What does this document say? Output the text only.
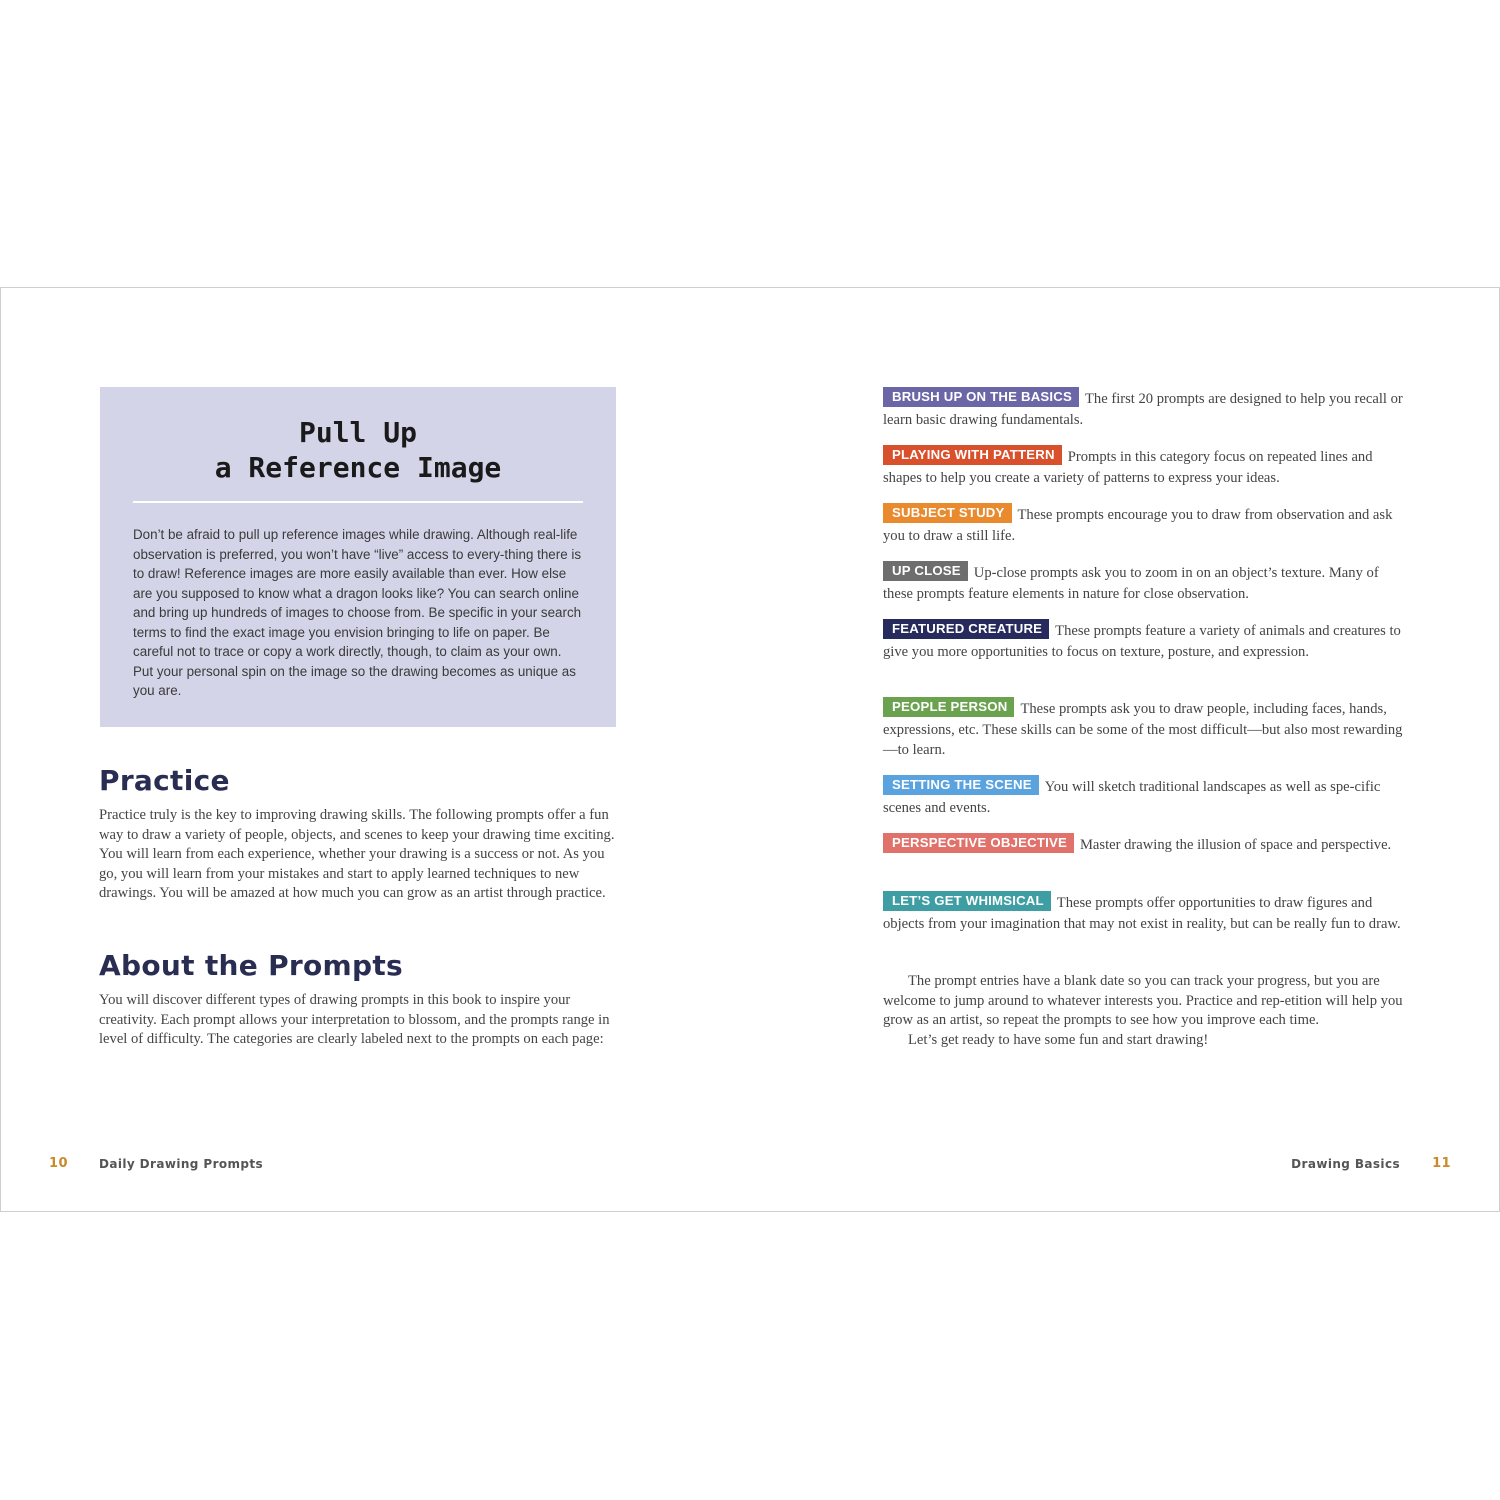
Pull Up
a Reference Image

Don’t be afraid to pull up reference images while drawing. Although real-life observation is preferred, you won’t have “live” access to every-thing there is to draw! Reference images are more easily available than ever. How else are you supposed to know what a dragon looks like? You can search online and bring up hundreds of images to choose from. Be specific in your search terms to find the exact image you envision bringing to life on paper. Be careful not to trace or copy a work directly, though, to claim as your own. Put your personal spin on the image so the drawing becomes as unique as you are.

Practice

Practice truly is the key to improving drawing skills. The following prompts offer a fun way to draw a variety of people, objects, and scenes to keep your drawing time exciting. You will learn from each experience, whether your drawing is a success or not. As you go, you will learn from your mistakes and start to apply learned techniques to new drawings. You will be amazed at how much you can grow as an artist through practice.

About the Prompts

You will discover different types of drawing prompts in this book to inspire your creativity. Each prompt allows your interpretation to blossom, and the prompts range in level of difficulty. The categories are clearly labeled next to the prompts on each page:

BRUSH UP ON THE BASICS The first 20 prompts are designed to help you recall or learn basic drawing fundamentals.

PLAYING WITH PATTERN Prompts in this category focus on repeated lines and shapes to help you create a variety of patterns to express your ideas.

SUBJECT STUDY These prompts encourage you to draw from observation and ask you to draw a still life.

UP CLOSE Up-close prompts ask you to zoom in on an object’s texture. Many of these prompts feature elements in nature for close observation.

FEATURED CREATURE These prompts feature a variety of animals and creatures to give you more opportunities to focus on texture, posture, and expression.

PEOPLE PERSON These prompts ask you to draw people, including faces, hands, expressions, etc. These skills can be some of the most difficult—but also most rewarding—to learn.

SETTING THE SCENE You will sketch traditional landscapes as well as spe-cific scenes and events.

PERSPECTIVE OBJECTIVE Master drawing the illusion of space and perspective.

LET’S GET WHIMSICAL These prompts offer opportunities to draw figures and objects from your imagination that may not exist in reality, but can be really fun to draw.

The prompt entries have a blank date so you can track your progress, but you are welcome to jump around to whatever interests you. Practice and rep-etition will help you grow as an artist, so repeat the prompts to see how you improve each time.

Let’s get ready to have some fun and start drawing!

10	Daily Drawing Prompts	Drawing Basics 11
